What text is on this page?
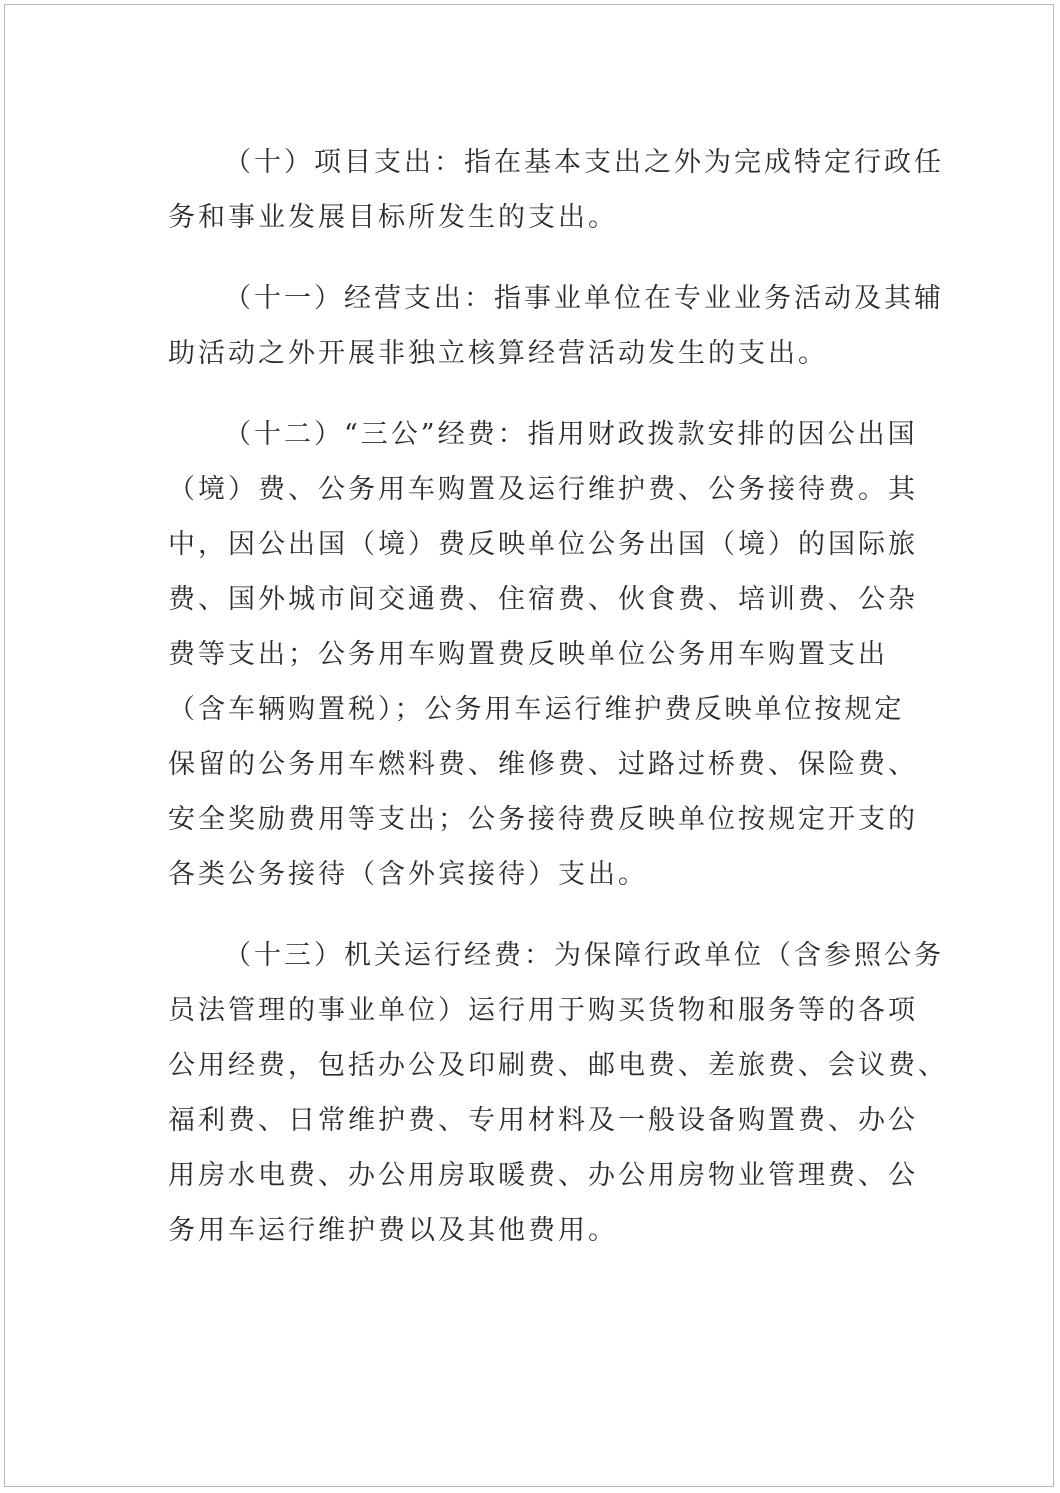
（十）项目支出：指在基本支出之外为完成特定行政任
务和事业发展目标所发生的支出。
（十一）经营支出：指事业单位在专业业务活动及其辅
助活动之外开展非独立核算经营活动发生的支出。
（十二）“三公”经费：指用财政拨款安排的因公出国
（境）费、公务用车购置及运行维护费、公务接待费。其
中，因公出国（境）费反映单位公务出国（境）的国际旅
费、国外城市间交通费、住宿费、伙食费、培训费、公杂
费等支出；公务用车购置费反映单位公务用车购置支出
（含车辆购置税）；公务用车运行维护费反映单位按规定
保留的公务用车燃料费、维修费、过路过桥费、保险费、
安全奖励费用等支出；公务接待费反映单位按规定开支的
各类公务接待（含外宾接待）支出。
（十三）机关运行经费：为保障行政单位（含参照公务
员法管理的事业单位）运行用于购买货物和服务等的各项
公用经费，包括办公及印刷费、邮电费、差旅费、会议费、
福利费、日常维护费、专用材料及一般设备购置费、办公
用房水电费、办公用房取暖费、办公用房物业管理费、公
务用车运行维护费以及其他费用。
